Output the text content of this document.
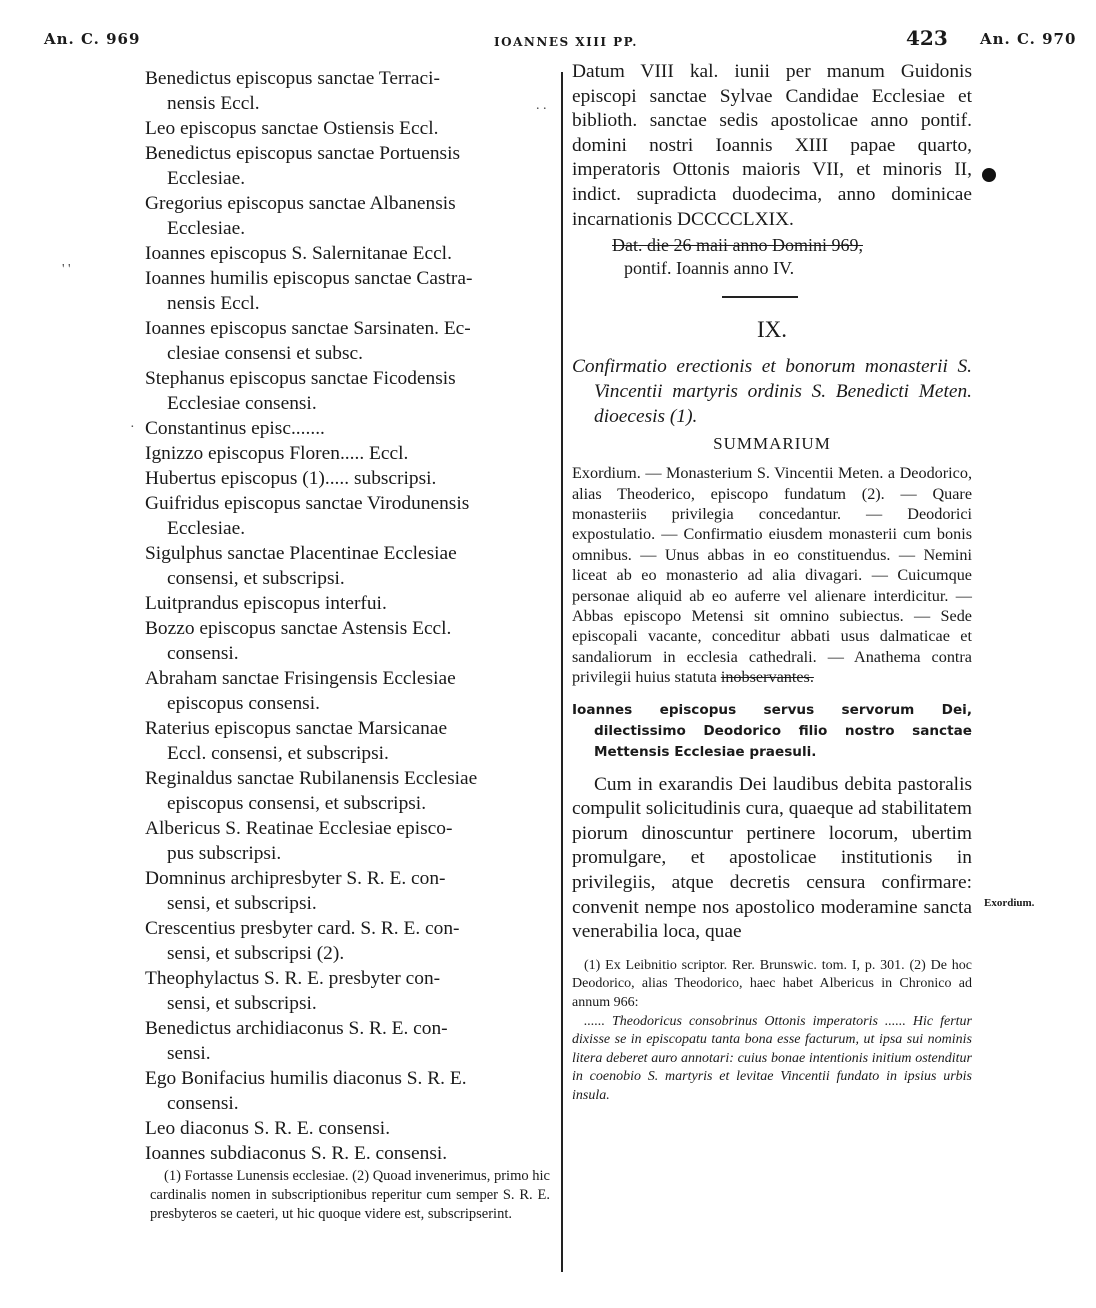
An. C. 969	IOANNES XIII PP.	423 An. C. 970
' '
·
. .
Benedictus episcopus sanctae Terraci-
nensis Eccl.
Leo episcopus sanctae Ostiensis Eccl.
Benedictus episcopus sanctae Portuensis
Ecclesiae.
Gregorius episcopus sanctae Albanensis
Ecclesiae.
Ioannes episcopus S. Salernitanae Eccl.
Ioannes humilis episcopus sanctae Castra-
nensis Eccl.
Ioannes episcopus sanctae Sarsinaten. Ec-
clesiae consensi et subsc.
Stephanus episcopus sanctae Ficodensis
Ecclesiae consensi.
Constantinus episc.......
Ignizzo episcopus Floren..... Eccl.
Hubertus episcopus (1)..... subscripsi.
Guifridus episcopus sanctae Virodunensis
Ecclesiae.
Sigulphus sanctae Placentinae Ecclesiae
consensi, et subscripsi.
Luitprandus episcopus interfui.
Bozzo episcopus sanctae Astensis Eccl.
consensi.
Abraham sanctae Frisingensis Ecclesiae
episcopus consensi.
Raterius episcopus sanctae Marsicanae
Eccl. consensi, et subscripsi.
Reginaldus sanctae Rubilanensis Ecclesiae
episcopus consensi, et subscripsi.
Albericus S. Reatinae Ecclesiae episco-
pus subscripsi.
Domninus archipresbyter S. R. E. con-
sensi, et subscripsi.
Crescentius presbyter card. S. R. E. con-
sensi, et subscripsi (2).
Theophylactus S. R. E. presbyter con-
sensi, et subscripsi.
Benedictus archidiaconus S. R. E. con-
sensi.
Ego Bonifacius humilis diaconus S. R. E.
consensi.
Leo diaconus S. R. E. consensi.
Ioannes subdiaconus S. R. E. consensi.

(1) Fortasse Lunensis ecclesiae. (2) Quoad invenerimus, primo hic cardinalis nomen in subscriptionibus reperitur cum semper S. R. E. presbyteros se caeteri, ut hic quoque videre est, subscripserint.

Datum VIII kal. iunii per manum Guidonis episcopi sanctae Sylvae Candidae Ecclesiae et biblioth. sanctae sedis apostolicae anno pontif. domini nostri Ioannis XIII papae quarto, imperatoris Ottonis maioris VII, et minoris II, indict. supradicta duodecima, anno dominicae incarnationis DCCCCLXIX.

Dat. die 26 maii anno Domini 969,
pontif. Ioannis anno IV.

IX.

Confirmatio erectionis et bonorum monasterii S. Vincentii martyris ordinis S. Benedicti Meten. dioecesis (1).

SUMMARIUM

Exordium. — Monasterium S. Vincentii Meten. a Deodorico, alias Theoderico, episcopo fundatum (2). — Quare monasteriis privilegia concedantur. — Deodorici expostulatio. — Confirmatio eiusdem monasterii cum bonis omnibus. — Unus abbas in eo constituendus. — Nemini liceat ab eo monasterio ad alia divagari. — Cuicumque personae aliquid ab eo auferre vel alienare interdicitur. — Abbas episcopo Metensi sit omnino subiectus. — Sede episcopali vacante, conceditur abbati usus dalmaticae et sandaliorum in ecclesia cathedrali. — Anathema contra privilegii huius statuta inobservantes.

Ioannes episcopus servus servorum Dei, dilectissimo Deodorico filio nostro sanctae Mettensis Ecclesiae praesuli.

Cum in exarandis Dei laudibus debita pastoralis compulit solicitudinis cura, quaeque ad stabilitatem piorum dinoscuntur pertinere locorum, ubertim promulgare, et apostolicae institutionis in privilegiis, atque decretis censura confirmare: convenit nempe nos apostolico moderamine sancta venerabilia loca, quae

(1) Ex Leibnitio scriptor. Rer. Brunswic. tom. I, p. 301. (2) De hoc Deodorico, alias Theodorico, haec habet Albericus in Chronico ad annum 966:

...... Theodoricus consobrinus Ottonis imperatoris ...... Hic fertur dixisse se in episcopatu tanta bona esse facturum, ut ipsa sui nominis litera deberet auro annotari: cuius bonae intentionis initium ostenditur in coenobio S. martyris et levitae Vincentii fundato in ipsius urbis insula.

Exordium.
